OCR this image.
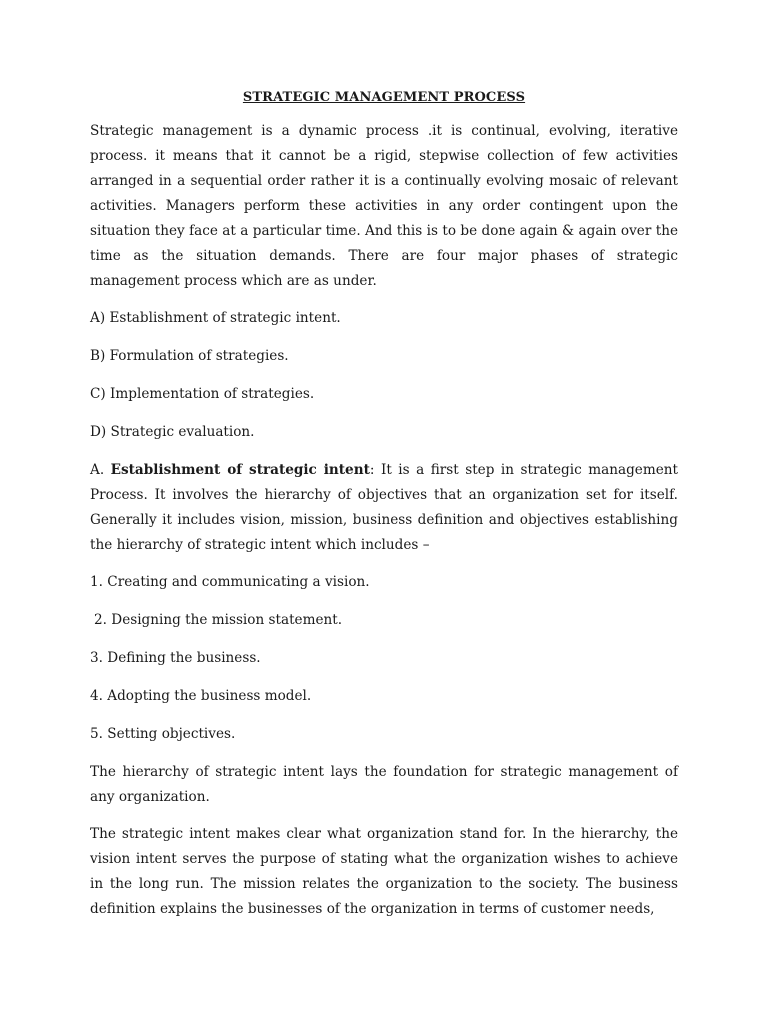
STRATEGIC MANAGEMENT PROCESS
Strategic management is a dynamic process .it is continual, evolving, iterative process. it means that it cannot be a rigid, stepwise collection of few activities arranged in a sequential order rather it is a continually evolving mosaic of relevant activities. Managers perform these activities in any order contingent upon the situation they face at a particular time. And this is to be done again & again over the time as the situation demands. There are four major phases of strategic management process which are as under.
A) Establishment of strategic intent.
B) Formulation of strategies.
C) Implementation of strategies.
D) Strategic evaluation.
A. Establishment of strategic intent: It is a first step in strategic management Process. It involves the hierarchy of objectives that an organization set for itself. Generally it includes vision, mission, business definition and objectives establishing the hierarchy of strategic intent which includes –
1. Creating and communicating a vision.
2. Designing the mission statement.
3. Defining the business.
4. Adopting the business model.
5. Setting objectives.
The hierarchy of strategic intent lays the foundation for strategic management of any organization.
The strategic intent makes clear what organization stand for. In the hierarchy, the vision intent serves the purpose of stating what the organization wishes to achieve in the long run. The mission relates the organization to the society. The business definition explains the businesses of the organization in terms of customer needs,
